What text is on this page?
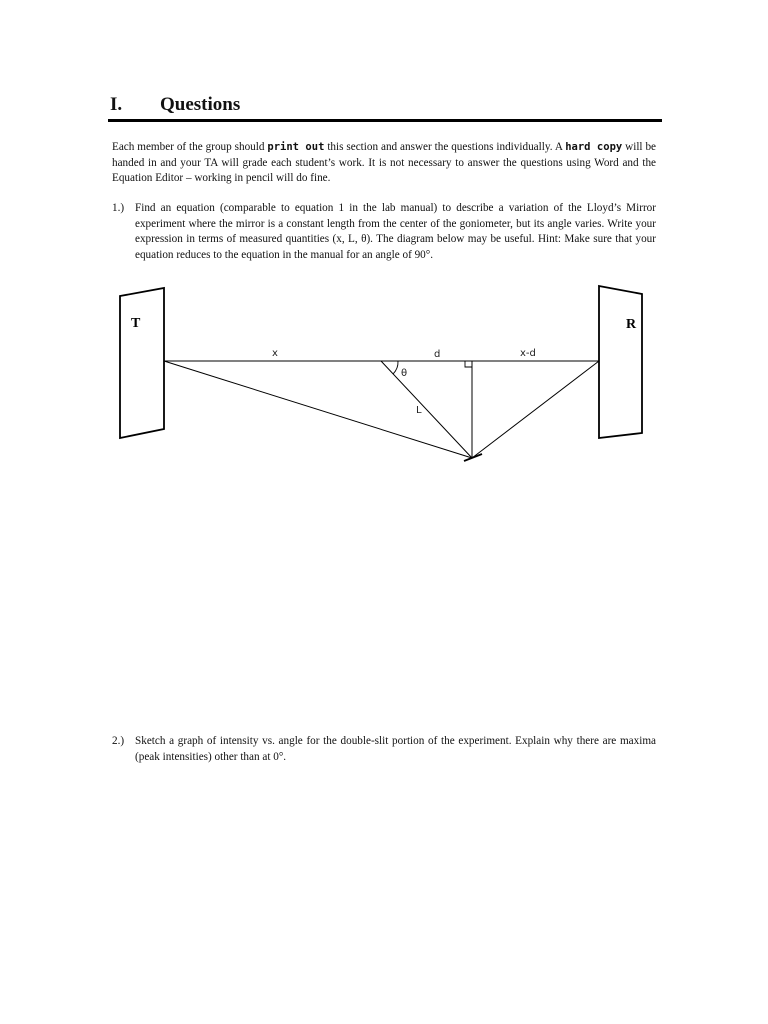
I. Questions
Each member of the group should print out this section and answer the questions individually. A hard copy will be handed in and your TA will grade each student’s work. It is not necessary to answer the questions using Word and the Equation Editor – working in pencil will do fine.
1.) Find an equation (comparable to equation 1 in the lab manual) to describe a variation of the Lloyd’s Mirror experiment where the mirror is a constant length from the center of the goniometer, but its angle varies. Write your expression in terms of measured quantities (x, L, θ). The diagram below may be useful. Hint: Make sure that your equation reduces to the equation in the manual for an angle of 90°.
T	R
x	d	x-d
θ
L
2.) Sketch a graph of intensity vs. angle for the double-slit portion of the experiment. Explain why there are maxima (peak intensities) other than at 0°.
